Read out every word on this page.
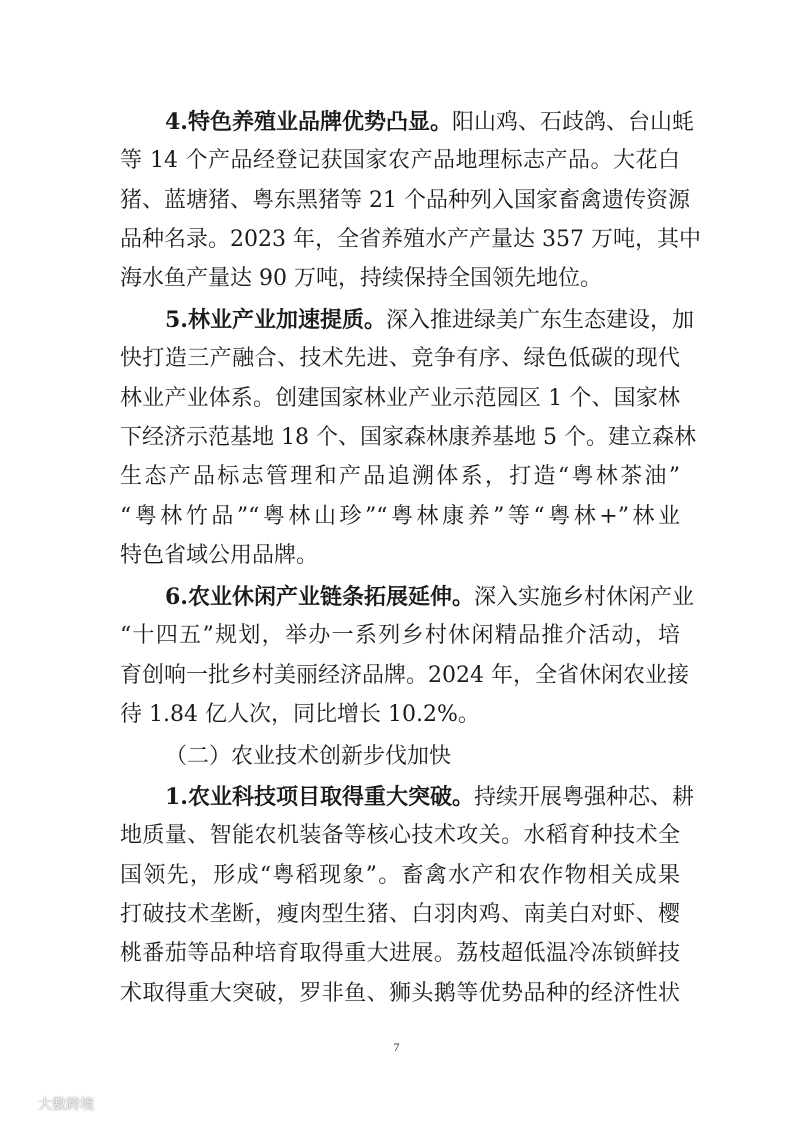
4.特色养殖业品牌优势凸显。阳山鸡、石歧鸽、台山蚝
等 14 个产品经登记获国家农产品地理标志产品。大花白
猪、蓝塘猪、粤东黑猪等 21 个品种列入国家畜禽遗传资源
品种名录。2023 年，全省养殖水产产量达 357 万吨，其中
海水鱼产量达 90 万吨，持续保持全国领先地位。
5.林业产业加速提质。深入推进绿美广东生态建设，加
快打造三产融合、技术先进、竞争有序、绿色低碳的现代
林业产业体系。创建国家林业产业示范园区 1 个、国家林
下经济示范基地 18 个、国家森林康养基地 5 个。建立森林
生态产品标志管理和产品追溯体系，打造“粤林茶油”
“粤林竹品”“粤林山珍”“粤林康养”等“粤林+”林业
特色省域公用品牌。
6.农业休闲产业链条拓展延伸。深入实施乡村休闲产业
“十四五”规划，举办一系列乡村休闲精品推介活动，培
育创响一批乡村美丽经济品牌。2024 年，全省休闲农业接
待 1.84 亿人次，同比增长 10.2%。
（二）农业技术创新步伐加快
1.农业科技项目取得重大突破。持续开展粤强种芯、耕
地质量、智能农机装备等核心技术攻关。水稻育种技术全
国领先，形成“粤稻现象”。畜禽水产和农作物相关成果
打破技术垄断，瘦肉型生猪、白羽肉鸡、南美白对虾、樱
桃番茄等品种培育取得重大进展。荔枝超低温冷冻锁鲜技
术取得重大突破，罗非鱼、狮头鹅等优势品种的经济性状
7
大數跨境
